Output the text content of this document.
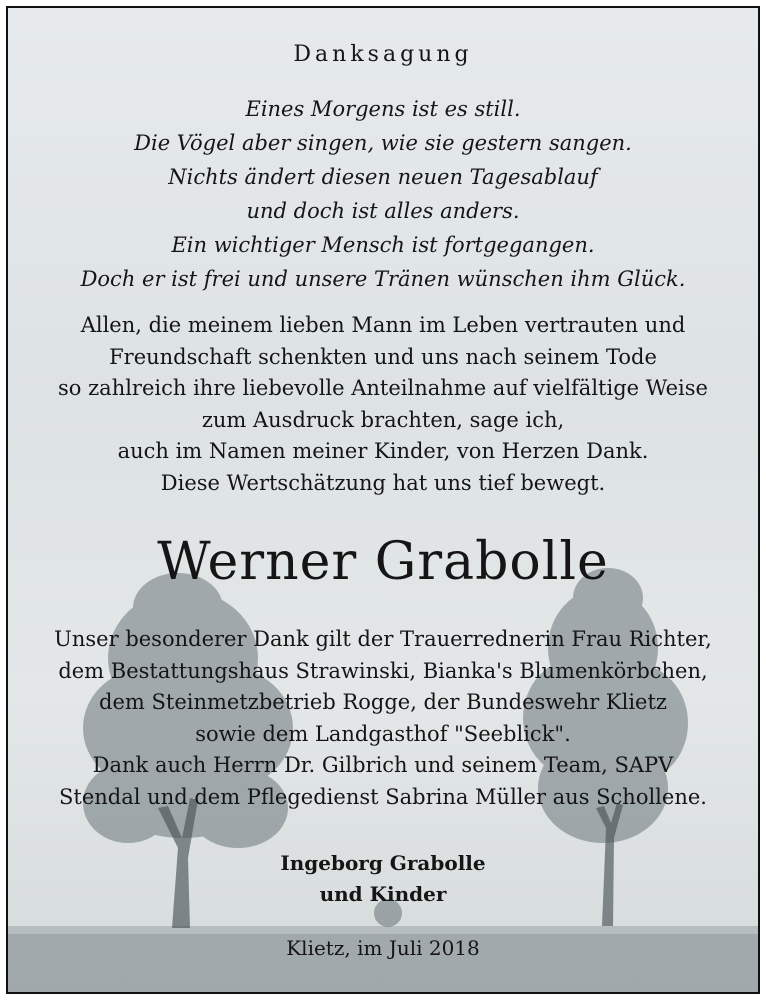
Danksagung
Eines Morgens ist es still.
Die Vögel aber singen, wie sie gestern sangen.
Nichts ändert diesen neuen Tagesablauf
und doch ist alles anders.
Ein wichtiger Mensch ist fortgegangen.
Doch er ist frei und unsere Tränen wünschen ihm Glück.
Allen, die meinem lieben Mann im Leben vertrauten und
Freundschaft schenkten und uns nach seinem Tode
so zahlreich ihre liebevolle Anteilnahme auf vielfältige Weise
zum Ausdruck brachten, sage ich,
auch im Namen meiner Kinder, von Herzen Dank.
Diese Wertschätzung hat uns tief bewegt.
Werner Grabolle
Unser besonderer Dank gilt der Trauerrednerin Frau Richter,
dem Bestattungshaus Strawinski, Bianka's Blumenkörbchen,
dem Steinmetzbetrieb Rogge, der Bundeswehr Klietz
sowie dem Landgasthof "Seeblick".
Dank auch Herrn Dr. Gilbrich und seinem Team, SAPV
Stendal und dem Pflegedienst Sabrina Müller aus Schollene.
Ingeborg Grabolle
und Kinder
Klietz, im Juli 2018
